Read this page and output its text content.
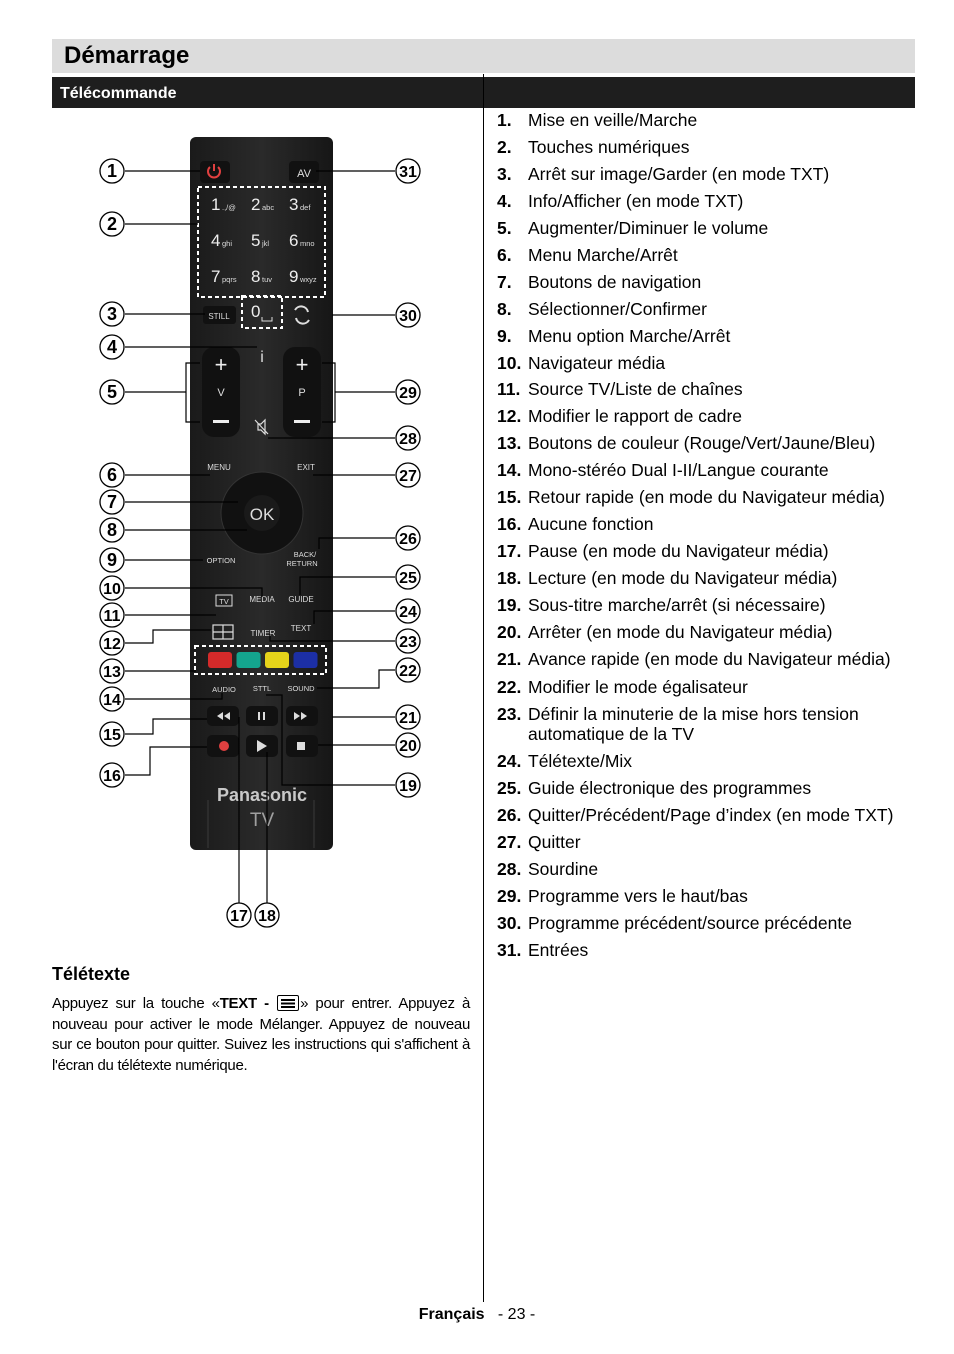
Démarrage
Télécommande
AV
1 .,/@ 2 abc 3 def
4 ghi 5 jkl 6 mno
7 pqrs 8 tuv 9 wxyz
0
STILL
+
V
+
P
i
MENU	EXIT
OK
OPTION
BACK/
RETURN
TV	MEDIA GUIDE
TIMER
TEXT
AUDIO STTL SOUND
Panasonic
TV
1
2
3
4
5
6
7
8
9
10
11
12
13
14
15
16
17 18
19
20
21
22
23
24
25
26
27
28
29
30
31
1. Mise en veille/Marche
2. Touches numériques
3. Arrêt sur image/Garder (en mode TXT)
4. Info/Afficher (en mode TXT)
5. Augmenter/Diminuer le volume
6. Menu Marche/Arrêt
7. Boutons de navigation
8. Sélectionner/Confirmer
9. Menu option Marche/Arrêt
10. Navigateur média
11. Source TV/Liste de chaînes
12. Modifier le rapport de cadre
13. Boutons de couleur (Rouge/Vert/Jaune/Bleu)
14. Mono-stéréo Dual I-II/Langue courante
15. Retour rapide (en mode du Navigateur média)
16. Aucune fonction
17. Pause (en mode du Navigateur média)
18. Lecture (en mode du Navigateur média)
19. Sous-titre marche/arrêt (si nécessaire)
20. Arrêter (en mode du Navigateur média)
21. Avance rapide (en mode du Navigateur média)
22. Modifier le mode égalisateur
23. Définir la minuterie de la mise hors tension automatique de la TV
24. Télétexte/Mix
25. Guide électronique des programmes
26. Quitter/Précédent/Page d’index (en mode TXT)
27. Quitter
28. Sourdine
29. Programme vers le haut/bas
30. Programme précédent/source précédente
31. Entrées
Télétexte

Appuyez sur la touche «TEXT - » pour entrer. Appuyez à nouveau pour activer le mode Mélanger. Appuyez de nouveau sur ce bouton pour quitter. Suivez les instructions qui s'affichent à l'écran du télétexte numérique.

Français - 23 -
